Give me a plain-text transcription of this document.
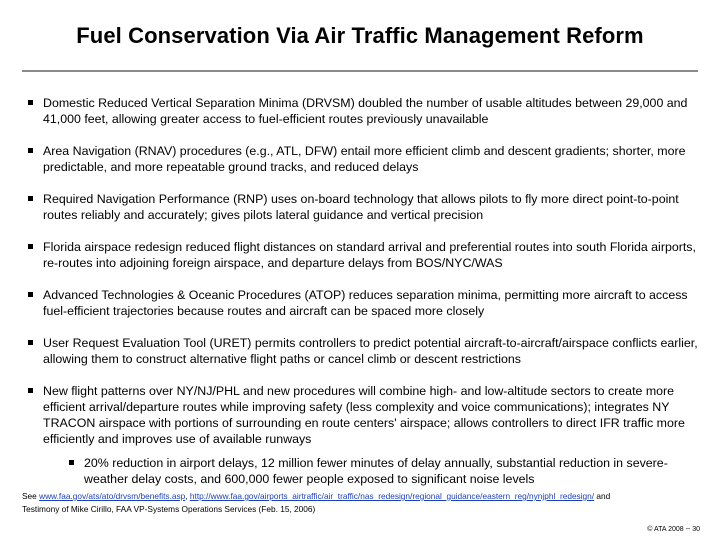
Fuel Conservation Via Air Traffic Management Reform
Domestic Reduced Vertical Separation Minima (DRVSM) doubled the number of usable altitudes between 29,000 and 41,000 feet, allowing greater access to fuel-efficient routes previously unavailable
Area Navigation (RNAV) procedures (e.g., ATL, DFW) entail more efficient climb and descent gradients; shorter, more predictable, and more repeatable ground tracks, and reduced delays
Required Navigation Performance (RNP) uses on-board technology that allows pilots to fly more direct point-to-point routes reliably and accurately; gives pilots lateral guidance and vertical precision
Florida airspace redesign reduced flight distances on standard arrival and preferential routes into south Florida airports, re-routes into adjoining foreign airspace, and departure delays from BOS/NYC/WAS
Advanced Technologies & Oceanic Procedures (ATOP) reduces separation minima, permitting more aircraft to access fuel-efficient trajectories because routes and aircraft can be spaced more closely
User Request Evaluation Tool (URET) permits controllers to predict potential aircraft-to-aircraft/airspace conflicts earlier, allowing them to construct alternative flight paths or cancel climb or descent restrictions
New flight patterns over NY/NJ/PHL and new procedures will combine high- and low-altitude sectors to create more efficient arrival/departure routes while improving safety (less complexity and voice communications); integrates NY TRACON airspace with portions of surrounding en route centers' airspace; allows controllers to direct IFR traffic more efficiently and improves use of available runways
20% reduction in airport delays, 12 million fewer minutes of delay annually, substantial reduction in severe-weather delay costs, and 600,000 fewer people exposed to significant noise levels
See www.faa.gov/ats/ato/drvsm/benefits.asp, http://www.faa.gov/airports_airtraffic/air_traffic/nas_redesign/regional_guidance/eastern_reg/nynjphl_redesign/ and
Testimony of Mike Cirillo, FAA VP-Systems Operations Services (Feb. 15, 2006)
© ATA 2008 -- 30
